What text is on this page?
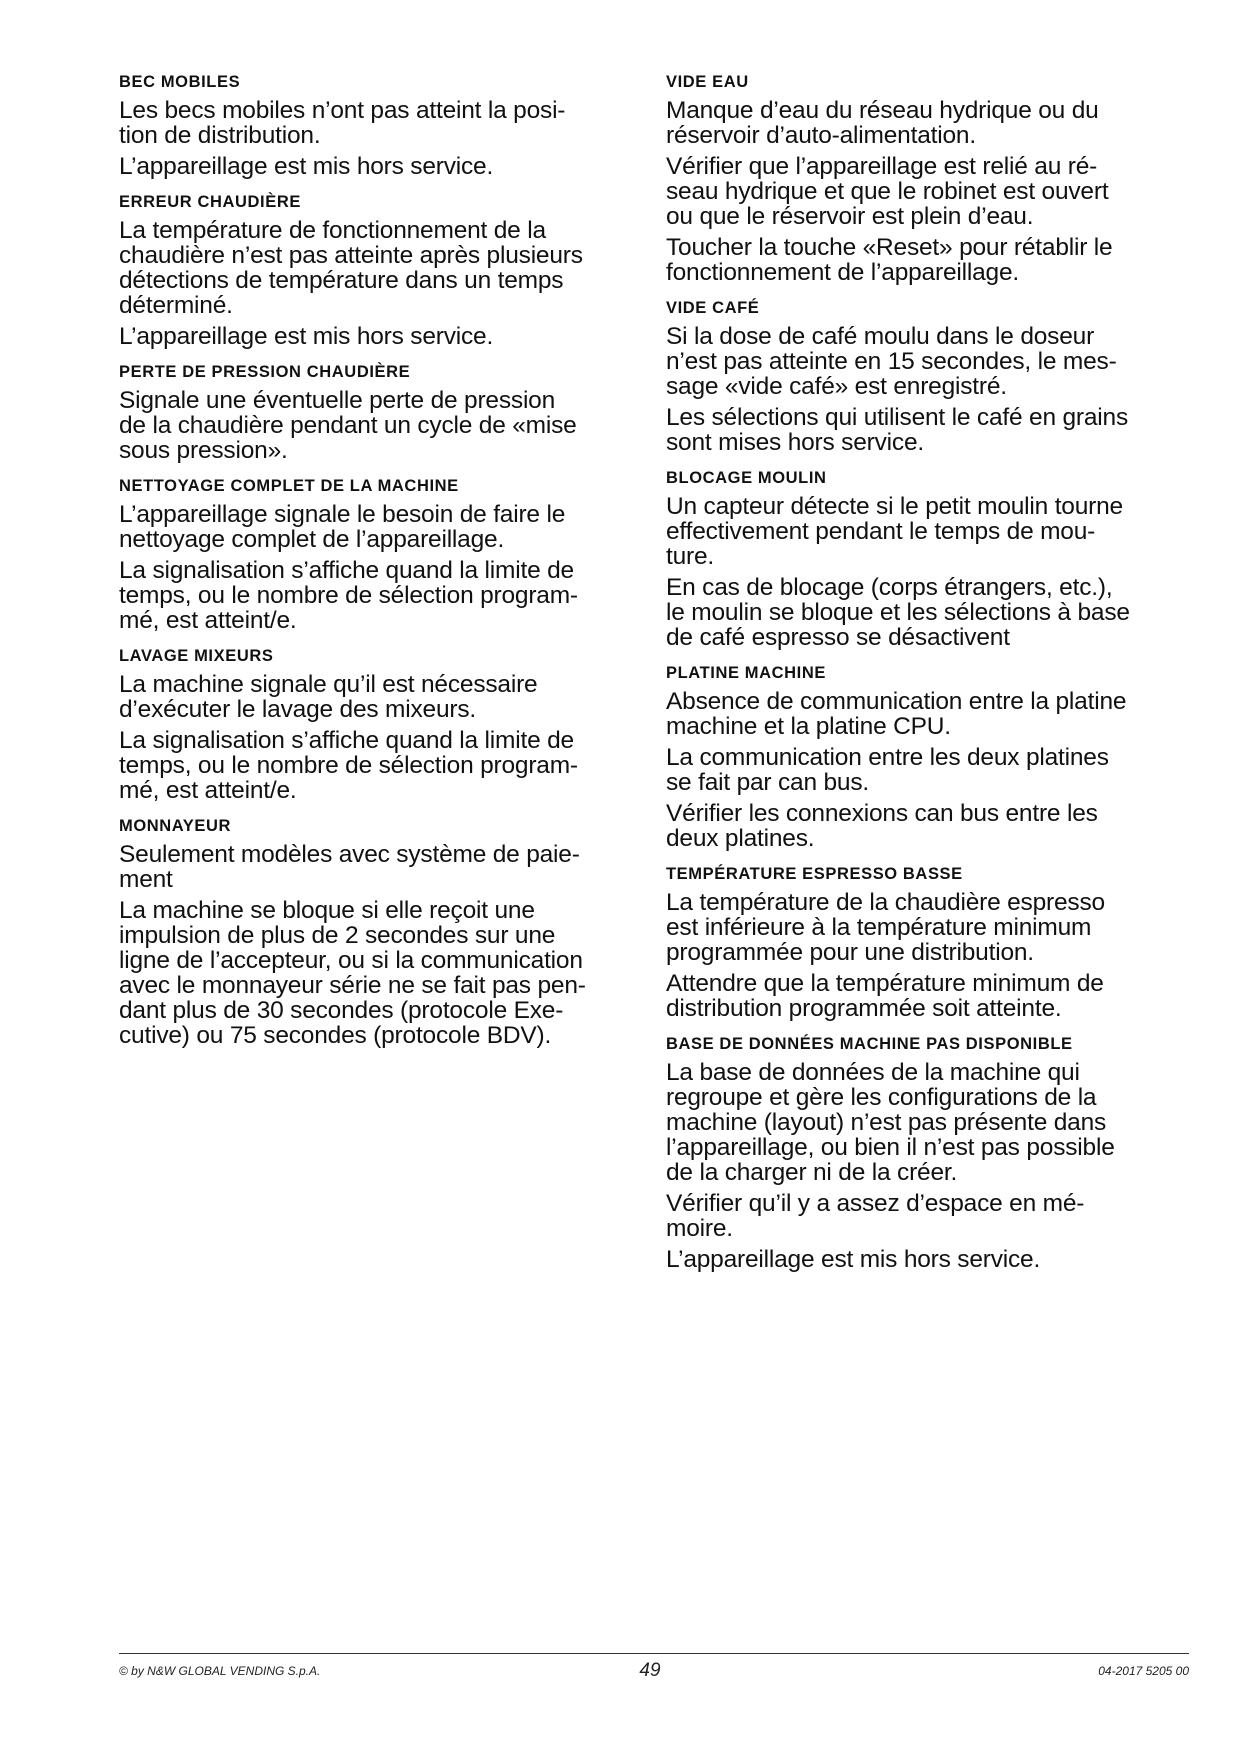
BEC MOBILES

Les becs mobiles n’ont pas atteint la posi-
tion de distribution.

L’appareillage est mis hors service.

ERREUR CHAUDIÈRE

La température de fonctionnement de la
chaudière n’est pas atteinte après plusieurs
détections de température dans un temps
déterminé.

L’appareillage est mis hors service.

PERTE DE PRESSION CHAUDIÈRE

Signale une éventuelle perte de pression
de la chaudière pendant un cycle de «mise
sous pression».

NETTOYAGE COMPLET DE LA MACHINE

L’appareillage signale le besoin de faire le
nettoyage complet de l’appareillage.

La signalisation s’affiche quand la limite de
temps, ou le nombre de sélection program-
mé, est atteint/e.

LAVAGE MIXEURS

La machine signale qu’il est nécessaire
d’exécuter le lavage des mixeurs.

La signalisation s’affiche quand la limite de
temps, ou le nombre de sélection program-
mé, est atteint/e.

MONNAYEUR

Seulement modèles avec système de paie-
ment

La machine se bloque si elle reçoit une
impulsion de plus de 2 secondes sur une
ligne de l’accepteur, ou si la communication
avec le monnayeur série ne se fait pas pen-
dant plus de 30 secondes (protocole Exe-
cutive) ou 75 secondes (protocole BDV).

VIDE EAU

Manque d’eau du réseau hydrique ou du
réservoir d’auto-alimentation.

Vérifier que l’appareillage est relié au ré-
seau hydrique et que le robinet est ouvert
ou que le réservoir est plein d’eau.

Toucher la touche «Reset» pour rétablir le
fonctionnement de l’appareillage.

VIDE CAFÉ

Si la dose de café moulu dans le doseur
n’est pas atteinte en 15 secondes, le mes-
sage «vide café» est enregistré.

Les sélections qui utilisent le café en grains
sont mises hors service.

BLOCAGE MOULIN

Un capteur détecte si le petit moulin tourne
effectivement pendant le temps de mou-
ture.

En cas de blocage (corps étrangers, etc.),
le moulin se bloque et les sélections à base
de café espresso se désactivent

PLATINE MACHINE

Absence de communication entre la platine
machine et la platine CPU.

La communication entre les deux platines
se fait par can bus.

Vérifier les connexions can bus entre les
deux platines.

TEMPÉRATURE ESPRESSO BASSE

La température de la chaudière espresso
est inférieure à la température minimum
programmée pour une distribution.

Attendre que la température minimum de
distribution programmée soit atteinte.

BASE DE DONNÉES MACHINE PAS DISPONIBLE

La base de données de la machine qui
regroupe et gère les configurations de la
machine (layout) n’est pas présente dans
l’appareillage, ou bien il n’est pas possible
de la charger ni de la créer.

Vérifier qu’il y a assez d’espace en mé-
moire.

L’appareillage est mis hors service.

© by N&W GLOBAL VENDING S.p.A.	49	04-2017 5205 00
